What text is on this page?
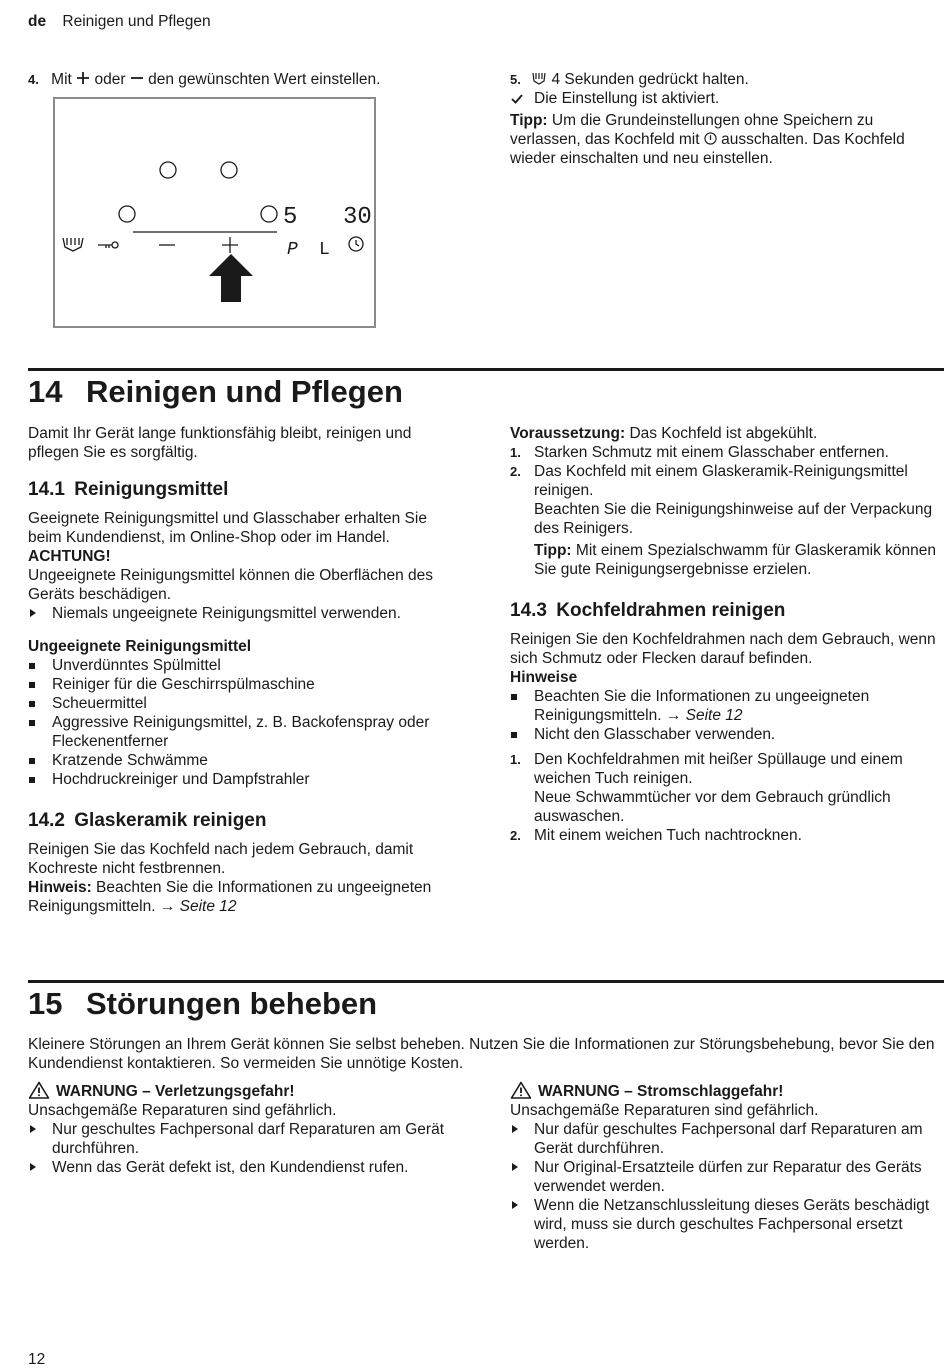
de Reinigen und Pflegen
4. Mit oder den gewünschten Wert einstellen.
5 30
P L
5. 4 Sekunden gedrückt halten.
Die Einstellung ist aktiviert.

Tipp: Um die Grundeinstellungen ohne Speichern zu verlassen, das Kochfeld mit ausschalten. Das Kochfeld wieder einschalten und neu einstellen.

14 Reinigen und Pflegen

Damit Ihr Gerät lange funktionsfähig bleibt, reinigen und pflegen Sie es sorgfältig.

14.1 Reinigungsmittel

Geeignete Reinigungsmittel und Glasschaber erhalten Sie beim Kundendienst, im Online-Shop oder im Handel.

ACHTUNG!

Ungeeignete Reinigungsmittel können die Oberflächen des Geräts beschädigen.

Niemals ungeeignete Reinigungsmittel verwenden.

Ungeeignete Reinigungsmittel

Unverdünntes Spülmittel
Reiniger für die Geschirrspülmaschine
Scheuermittel
Aggressive Reinigungsmittel, z. B. Backofenspray oder Fleckenentferner
Kratzende Schwämme
Hochdruckreiniger und Dampfstrahler
14.2 Glaskeramik reinigen

Reinigen Sie das Kochfeld nach jedem Gebrauch, damit Kochreste nicht festbrennen.

Hinweis: Beachten Sie die Informationen zu ungeeigneten Reinigungsmitteln. → Seite 12

Voraussetzung: Das Kochfeld ist abgekühlt.

1. Starken Schmutz mit einem Glasschaber entfernen.
2. Das Kochfeld mit einem Glaskeramik-Reinigungsmittel reinigen.
Beachten Sie die Reinigungshinweise auf der Verpackung des Reinigers.

Tipp: Mit einem Spezialschwamm für Glaskeramik können Sie gute Reinigungsergebnisse erzielen.

14.3 Kochfeldrahmen reinigen

Reinigen Sie den Kochfeldrahmen nach dem Gebrauch, wenn sich Schmutz oder Flecken darauf befinden.

Hinweise

Beachten Sie die Informationen zu ungeeigneten Reinigungsmitteln. → Seite 12
Nicht den Glasschaber verwenden.
1. Den Kochfeldrahmen mit heißer Spüllauge und einem weichen Tuch reinigen.
Neue Schwammtücher vor dem Gebrauch gründlich auswaschen.
2. Mit einem weichen Tuch nachtrocknen.
15 Störungen beheben

Kleinere Störungen an Ihrem Gerät können Sie selbst beheben. Nutzen Sie die Informationen zur Störungsbehebung, bevor Sie den Kundendienst kontaktieren. So vermeiden Sie unnötige Kosten.

WARNUNG – Verletzungsgefahr!

Unsachgemäße Reparaturen sind gefährlich.

Nur geschultes Fachpersonal darf Reparaturen am Gerät durchführen.
Wenn das Gerät defekt ist, den Kundendienst rufen.

WARNUNG – Stromschlaggefahr!

Unsachgemäße Reparaturen sind gefährlich.

Nur dafür geschultes Fachpersonal darf Reparaturen am Gerät durchführen.
Nur Original-Ersatzteile dürfen zur Reparatur des Geräts verwendet werden.
Wenn die Netzanschlussleitung dieses Geräts beschädigt wird, muss sie durch geschultes Fachpersonal ersetzt werden.
12
